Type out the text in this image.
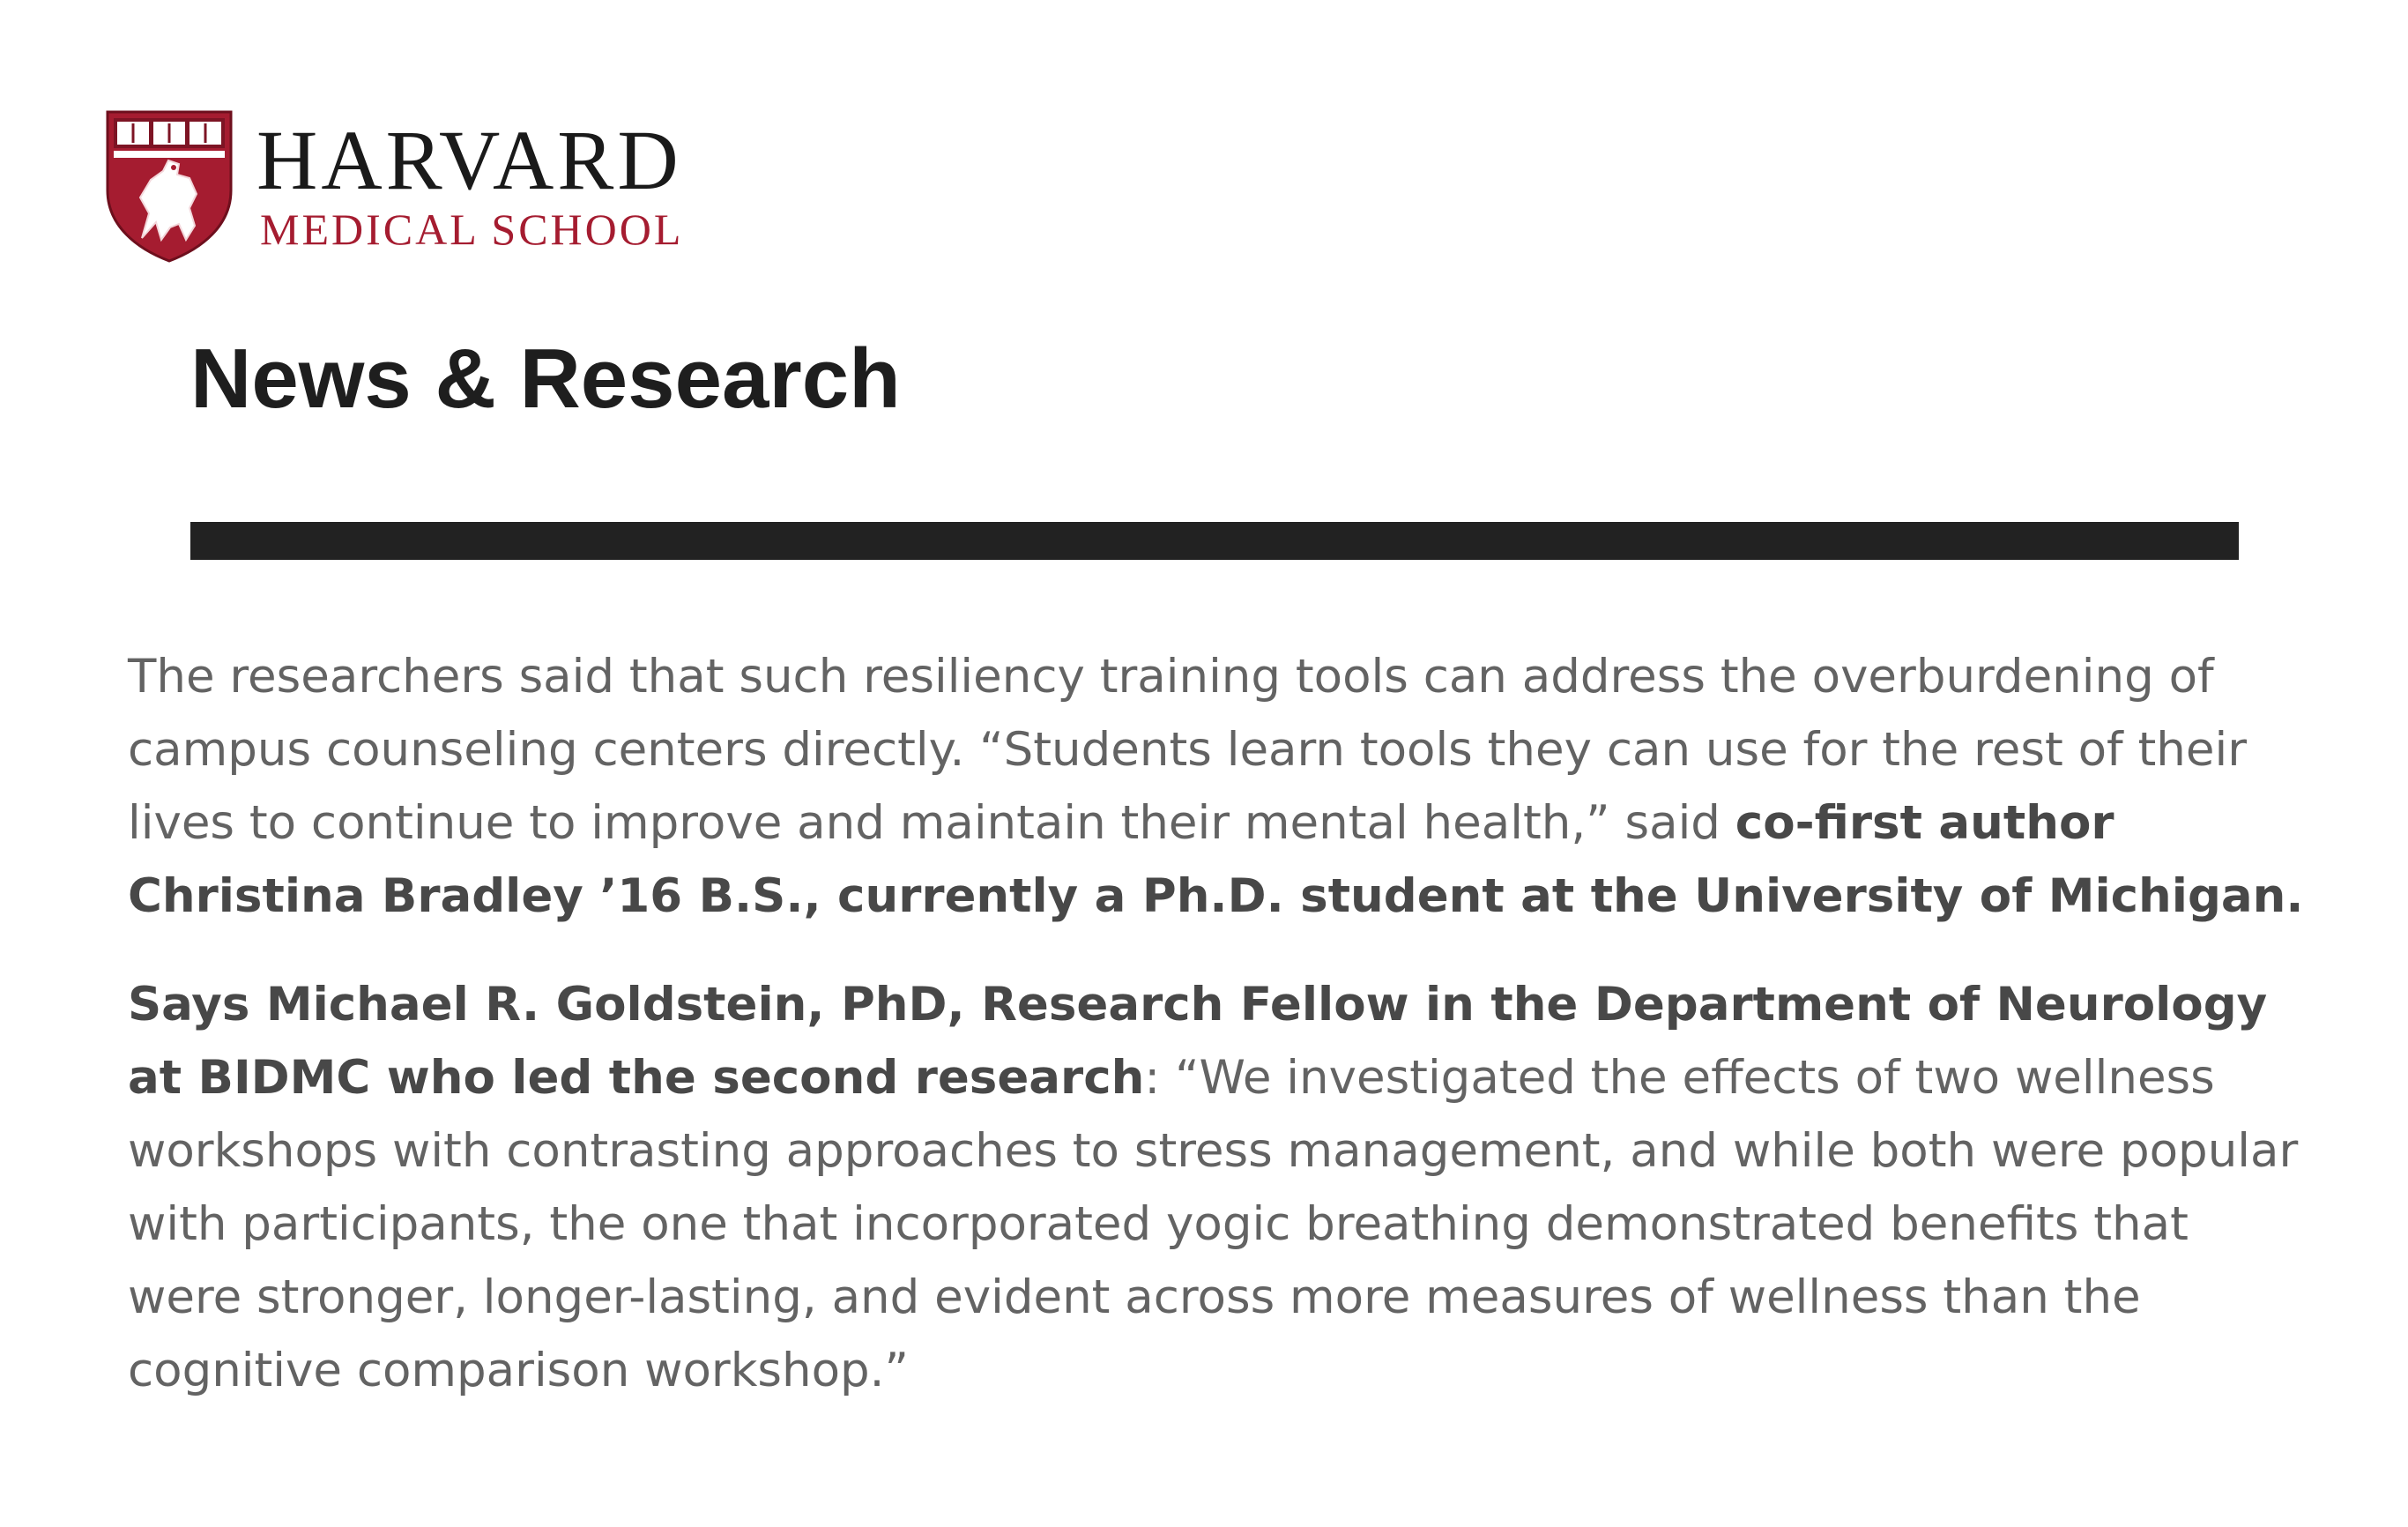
HARVARD
MEDICAL SCHOOL
News & Research

The researchers said that such resiliency training tools can address the overburdening of campus counseling centers directly. “Students learn tools they can use for the rest of their lives to continue to improve and maintain their mental health,” said co-first author Christina Bradley ’16 B.S., currently a Ph.D. student at the University of Michigan.

Says Michael R. Goldstein, PhD, Research Fellow in the Department of Neurology at BIDMC who led the second research: “We investigated the effects of two wellness workshops with contrasting approaches to stress management, and while both were popular with participants, the one that incorporated yogic breathing demonstrated benefits that were stronger, longer-lasting, and evident across more measures of wellness than the cognitive comparison workshop.”
